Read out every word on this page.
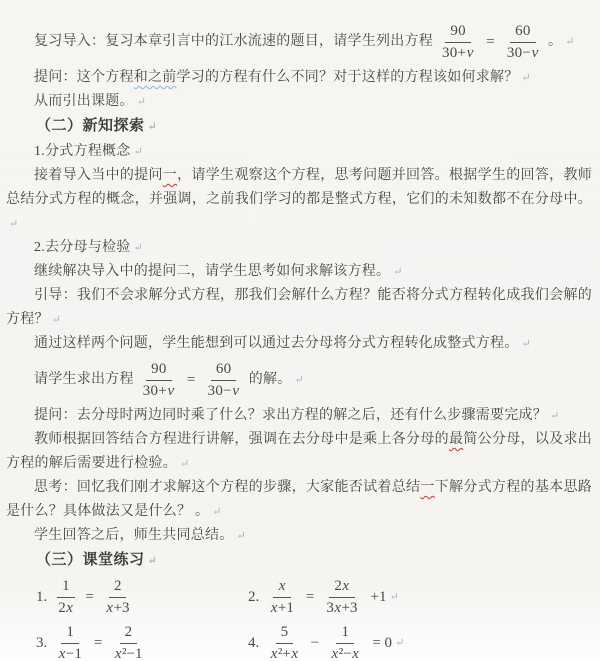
复习导入：复习本章引言中的江水流速的题目，请学生列出方程 $\frac{90}{30+v} = \frac{60}{30-v}$ 。 ↵

提问：这个方程和之前学习的方程有什么不同？对于这样的方程该如何求解？ ↵

从而引出课题。 ↵

（二）新知探索 ↵

1.分式方程概念 ↵

接着导入当中的提问一，请学生观察这个方程，思考问题并回答。根据学生的回答，教师总结分式方程的概念，并强调，之前我们学习的都是整式方程，它们的未知数都不在分母中。↵

2.去分母与检验 ↵

继续解决导入中的提问二，请学生思考如何求解该方程。 ↵

引导：我们不会求解分式方程，那我们会解什么方程？能否将分式方程转化成我们会解的方程？ ↵

通过这样两个问题，学生能想到可以通过去分母将分式方程转化成整式方程。 ↵

请学生求出方程 $\frac{90}{30+v} = \frac{60}{30-v}$ 的解。 ↵

提问：去分母时两边同时乘了什么？求出方程的解之后，还有什么步骤需要完成？ ↵

教师根据回答结合方程进行讲解，强调在去分母中是乘上各分母的最简公分母，以及求出方程的解后需要进行检验。 ↵

思考：回忆我们刚才求解这个方程的步骤，大家能否试着总结一下解分式方程的基本思路是什么？具体做法又是什么？ 。 ↵

学生回答之后，师生共同总结。 ↵

（三）课堂练习 ↵

1. $\frac{1}{2x} = \frac{2}{x+3}$	2. $\frac{x}{x+1} = \frac{2x}{3x+3} +1$ ↵
3. $\frac{1}{x-1} = \frac{2}{\text{x²−1}}$	4. $\frac{5}{\text{x²+x}} - \frac{1}{\text{x²−x}} = 0$ ↵
